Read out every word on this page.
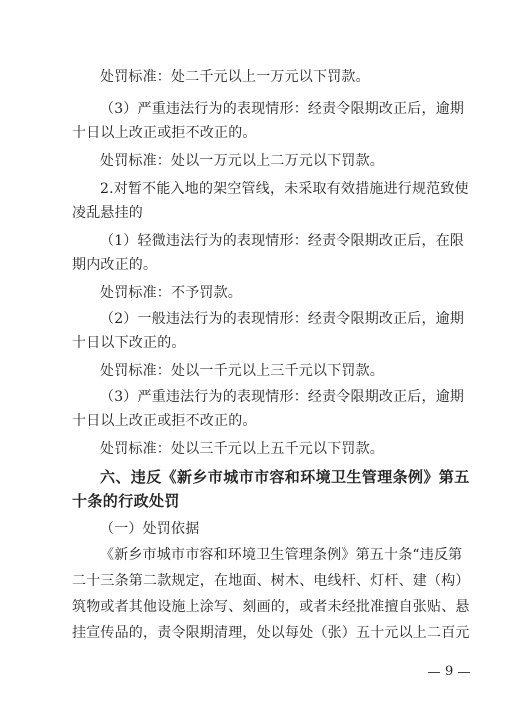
处罚标准：处二千元以上一万元以下罚款。
（3）严重违法行为的表现情形：经责令限期改正后，逾期
十日以上改正或拒不改正的。
处罚标准：处以一万元以上二万元以下罚款。
2.对暂不能入地的架空管线，未采取有效措施进行规范致使
凌乱悬挂的
（1）轻微违法行为的表现情形：经责令限期改正后，在限
期内改正的。
处罚标准：不予罚款。
（2）一般违法行为的表现情形：经责令限期改正后，逾期
十日以下改正的。
处罚标准：处以一千元以上三千元以下罚款。
（3）严重违法行为的表现情形：经责令限期改正后，逾期
十日以上改正或拒不改正的。
处罚标准：处以三千元以上五千元以下罚款。
六、违反《新乡市城市市容和环境卫生管理条例》第五
十条的行政处罚
（一）处罚依据
《新乡市城市市容和环境卫生管理条例》第五十条“违反第
二十三条第二款规定，在地面、树木、电线杆、灯杆、建（构）
筑物或者其他设施上涂写、刻画的，或者未经批准擅自张贴、悬
挂宣传品的，责令限期清理，处以每处（张）五十元以上二百元
9
